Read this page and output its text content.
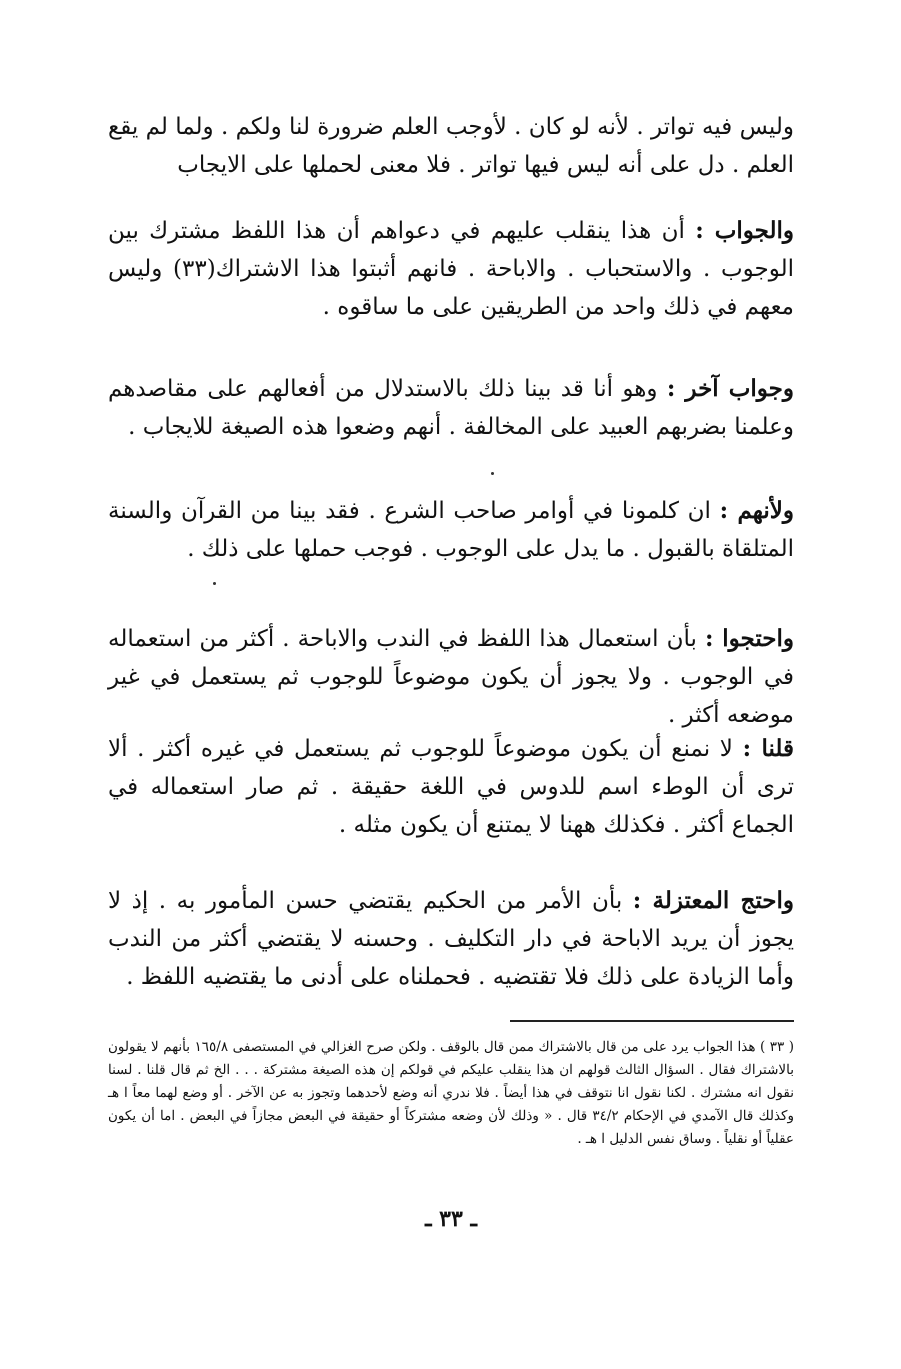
وليس فيه تواتر . لأنه لو كان . لأوجب العلم ضرورة لنا ولكم . ولما لم يقع العلم . دل على أنه ليس فيها تواتر . فلا معنى لحملها على الايجاب

والجواب : أن هذا ينقلب عليهم في دعواهم أن هذا اللفظ مشترك بين الوجوب . والاستحباب . والاباحة . فانهم أثبتوا هذا الاشتراك(٣٣) وليس معهم في ذلك واحد من الطريقين على ما ساقوه .

وجواب آخر : وهو أنا قد بينا ذلك بالاستدلال من أفعالهم على مقاصدهم وعلمنا بضربهم العبيد على المخالفة . أنهم وضعوا هذه الصيغة للايجاب .

ولأنهم : ان كلمونا في أوامر صاحب الشرع . فقد بينا من القرآن والسنة المتلقاة بالقبول . ما يدل على الوجوب . فوجب حملها على ذلك .

واحتجوا : بأن استعمال هذا اللفظ في الندب والاباحة . أكثر من استعماله في الوجوب . ولا يجوز أن يكون موضوعاً للوجوب ثم يستعمل في غير موضعه أكثر .

قلنا : لا نمنع أن يكون موضوعاً للوجوب ثم يستعمل في غيره أكثر . ألا ترى أن الوطء اسم للدوس في اللغة حقيقة . ثم صار استعماله في الجماع أكثر . فكذلك ههنا لا يمتنع أن يكون مثله .

واحتج المعتزلة : بأن الأمر من الحكيم يقتضي حسن المأمور به . إذ لا يجوز أن يريد الاباحة في دار التكليف . وحسنه لا يقتضي أكثر من الندب وأما الزيادة على ذلك فلا تقتضيه . فحملناه على أدنى ما يقتضيه اللفظ .

( ٣٣ ) هذا الجواب يرد على من قال بالاشتراك ممن قال بالوقف . ولكن صرح الغزالي في المستصفى ١٦٥/٨ بأنهم لا يقولون بالاشتراك فقال . السؤال الثالث قولهم ان هذا ينقلب عليكم في قولكم إن هذه الصيغة مشتركة . . . الخ ثم قال قلنا . لسنا نقول انه مشترك . لكنا نقول انا نتوقف في هذا أيضاً . فلا ندري أنه وضع لأحدهما وتجوز به عن الآخر . أو وضع لهما معاً ا هـ وكذلك قال الآمدي في الإحكام ٣٤/٢ قال . « وذلك لأن وضعه مشتركاً أو حقيقة في البعض مجازاً في البعض . اما أن يكون عقلياً أو نقلياً . وساق نفس الدليل ا هـ .

ـ ٣٣ ـ
